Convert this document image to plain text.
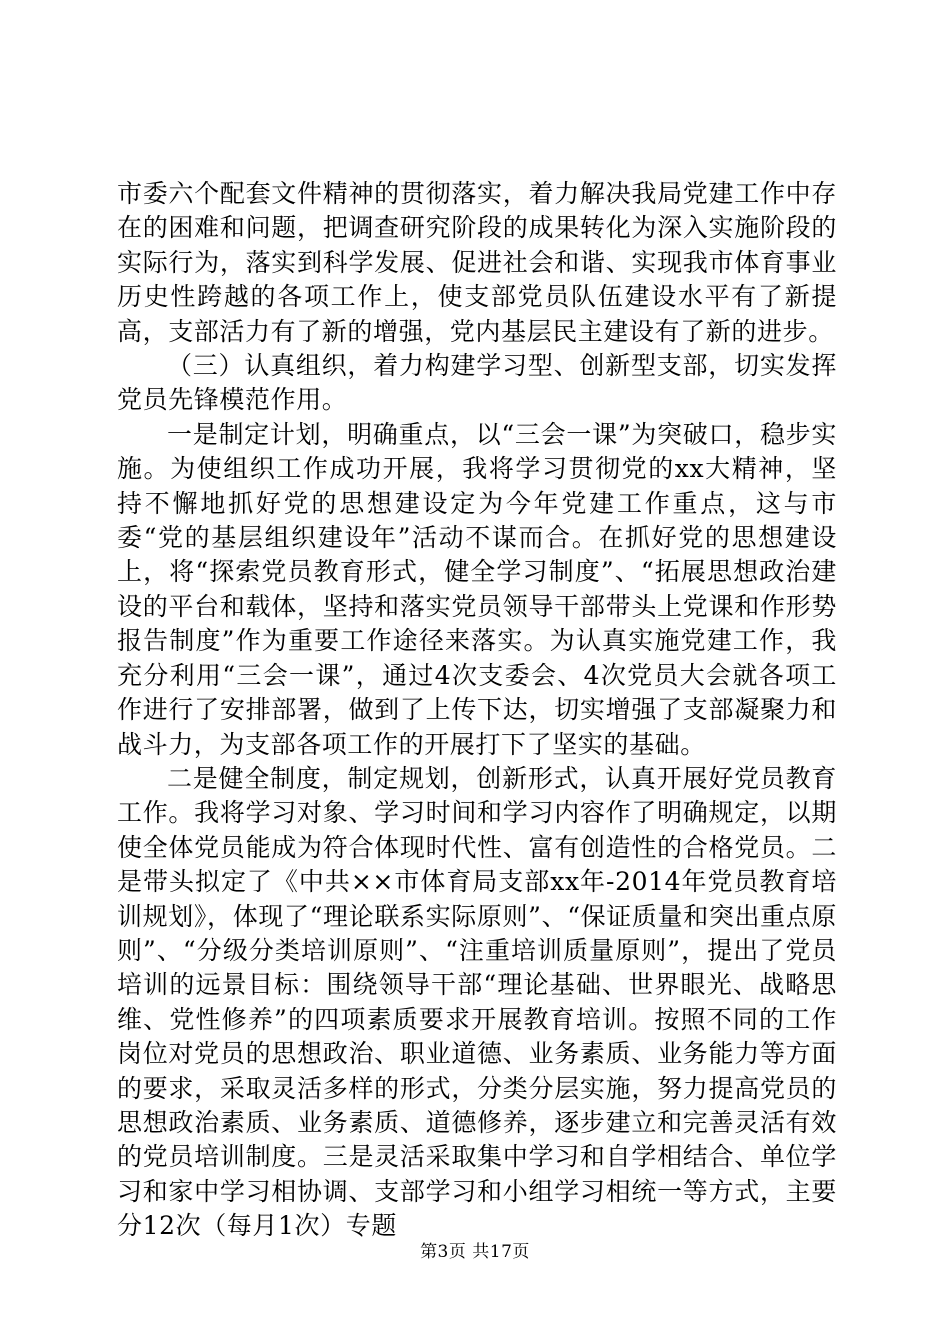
市委六个配套文件精神的贯彻落实，着力解决我局党建工作中存在的困难和问题，把调查研究阶段的成果转化为深入实施阶段的实际行为，落实到科学发展、促进社会和谐、实现我市体育事业历史性跨越的各项工作上，使支部党员队伍建设水平有了新提高，支部活力有了新的增强，党内基层民主建设有了新的进步。

（三）认真组织，着力构建学习型、创新型支部，切实发挥党员先锋模范作用。

一是制定计划，明确重点，以“三会一课”为突破口，稳步实施。为使组织工作成功开展，我将学习贯彻党的xx大精神，坚持不懈地抓好党的思想建设定为今年党建工作重点，这与市委“党的基层组织建设年”活动不谋而合。在抓好党的思想建设上，将“探索党员教育形式，健全学习制度”、“拓展思想政治建设的平台和载体，坚持和落实党员领导干部带头上党课和作形势报告制度”作为重要工作途径来落实。为认真实施党建工作，我充分利用“三会一课”，通过4次支委会、4次党员大会就各项工作进行了安排部署，做到了上传下达，切实增强了支部凝聚力和战斗力，为支部各项工作的开展打下了坚实的基础。

二是健全制度，制定规划，创新形式，认真开展好党员教育工作。我将学习对象、学习时间和学习内容作了明确规定，以期使全体党员能成为符合体现时代性、富有创造性的合格党员。二是带头拟定了《中共××市体育局支部xx年-2014年党员教育培训规划》，体现了“理论联系实际原则”、“保证质量和突出重点原则”、“分级分类培训原则”、“注重培训质量原则”，提出了党员培训的远景目标：围绕领导干部“理论基础、世界眼光、战略思维、党性修养”的四项素质要求开展教育培训。按照不同的工作岗位对党员的思想政治、职业道德、业务素质、业务能力等方面的要求，采取灵活多样的形式，分类分层实施，努力提高党员的思想政治素质、业务素质、道德修养，逐步建立和完善灵活有效的党员培训制度。三是灵活采取集中学习和自学相结合、单位学习和家中学习相协调、支部学习和小组学习相统一等方式，主要分12次（每月1次）专题

第3页 共17页
